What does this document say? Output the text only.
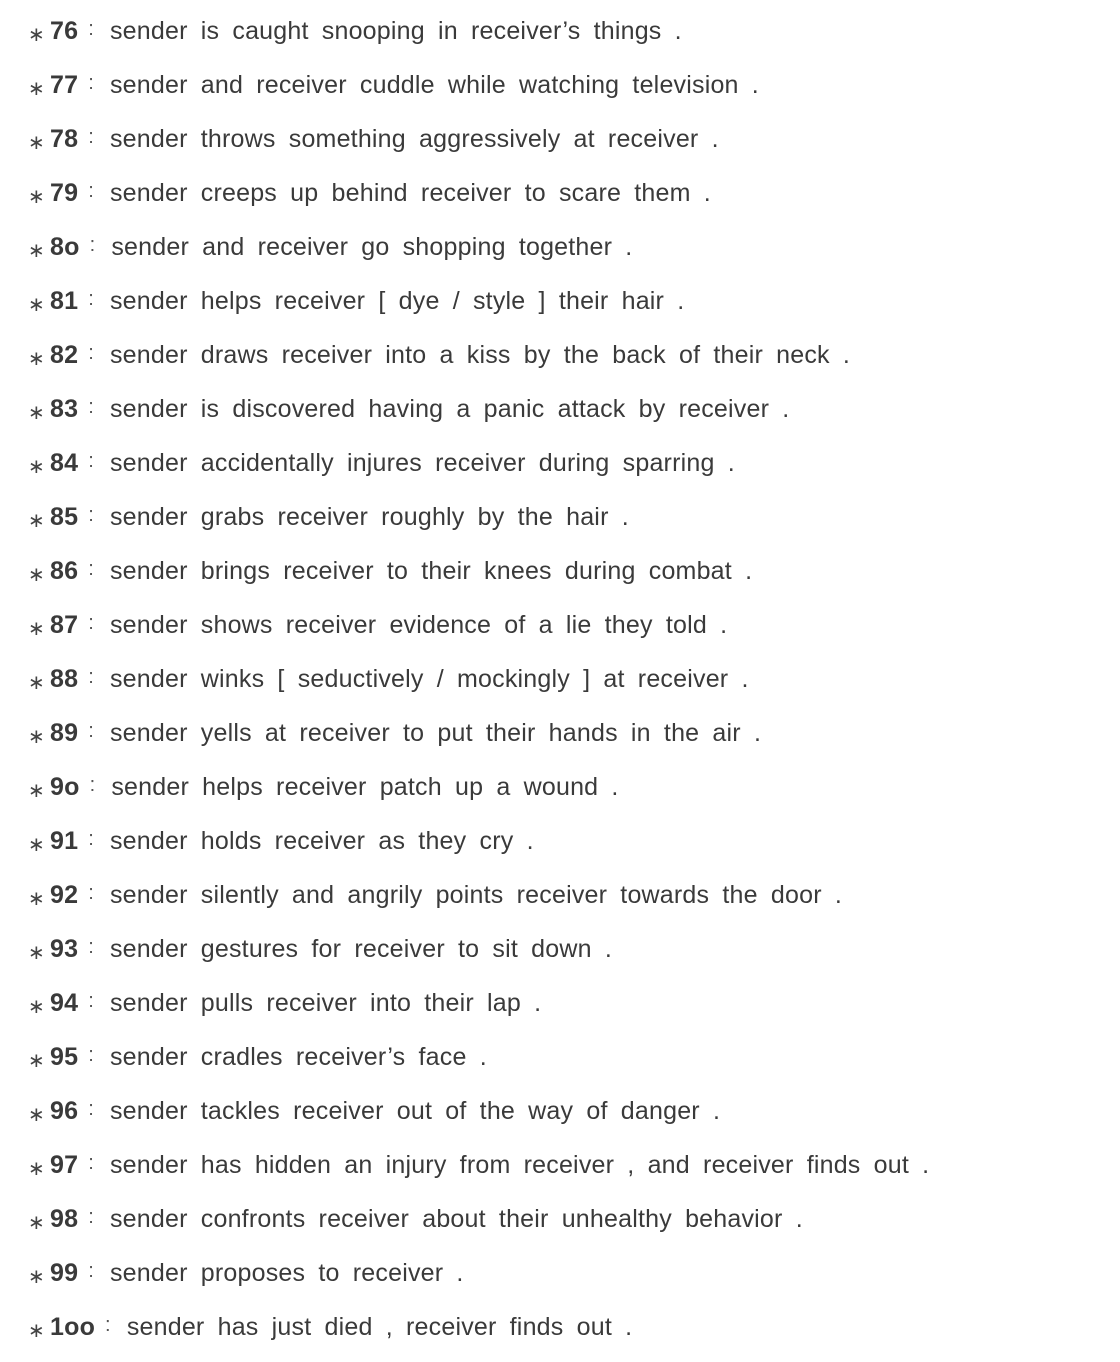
∗ 76 : sender is caught snooping in receiver’s things .
∗ 77 : sender and receiver cuddle while watching television .
∗ 78 : sender throws something aggressively at receiver .
∗ 79 : sender creeps up behind receiver to scare them .
∗ 8o : sender and receiver go shopping together .
∗ 81 : sender helps receiver [ dye / style ] their hair .
∗ 82 : sender draws receiver into a kiss by the back of their neck .
∗ 83 : sender is discovered having a panic attack by receiver .
∗ 84 : sender accidentally injures receiver during sparring .
∗ 85 : sender grabs receiver roughly by the hair .
∗ 86 : sender brings receiver to their knees during combat .
∗ 87 : sender shows receiver evidence of a lie they told .
∗ 88 : sender winks [ seductively / mockingly ] at receiver .
∗ 89 : sender yells at receiver to put their hands in the air .
∗ 9o : sender helps receiver patch up a wound .
∗ 91 : sender holds receiver as they cry .
∗ 92 : sender silently and angrily points receiver towards the door .
∗ 93 : sender gestures for receiver to sit down .
∗ 94 : sender pulls receiver into their lap .
∗ 95 : sender cradles receiver’s face .
∗ 96 : sender tackles receiver out of the way of danger .
∗ 97 : sender has hidden an injury from receiver , and receiver finds out .
∗ 98 : sender confronts receiver about their unhealthy behavior .
∗ 99 : sender proposes to receiver .
∗ 1oo : sender has just died , receiver finds out .
